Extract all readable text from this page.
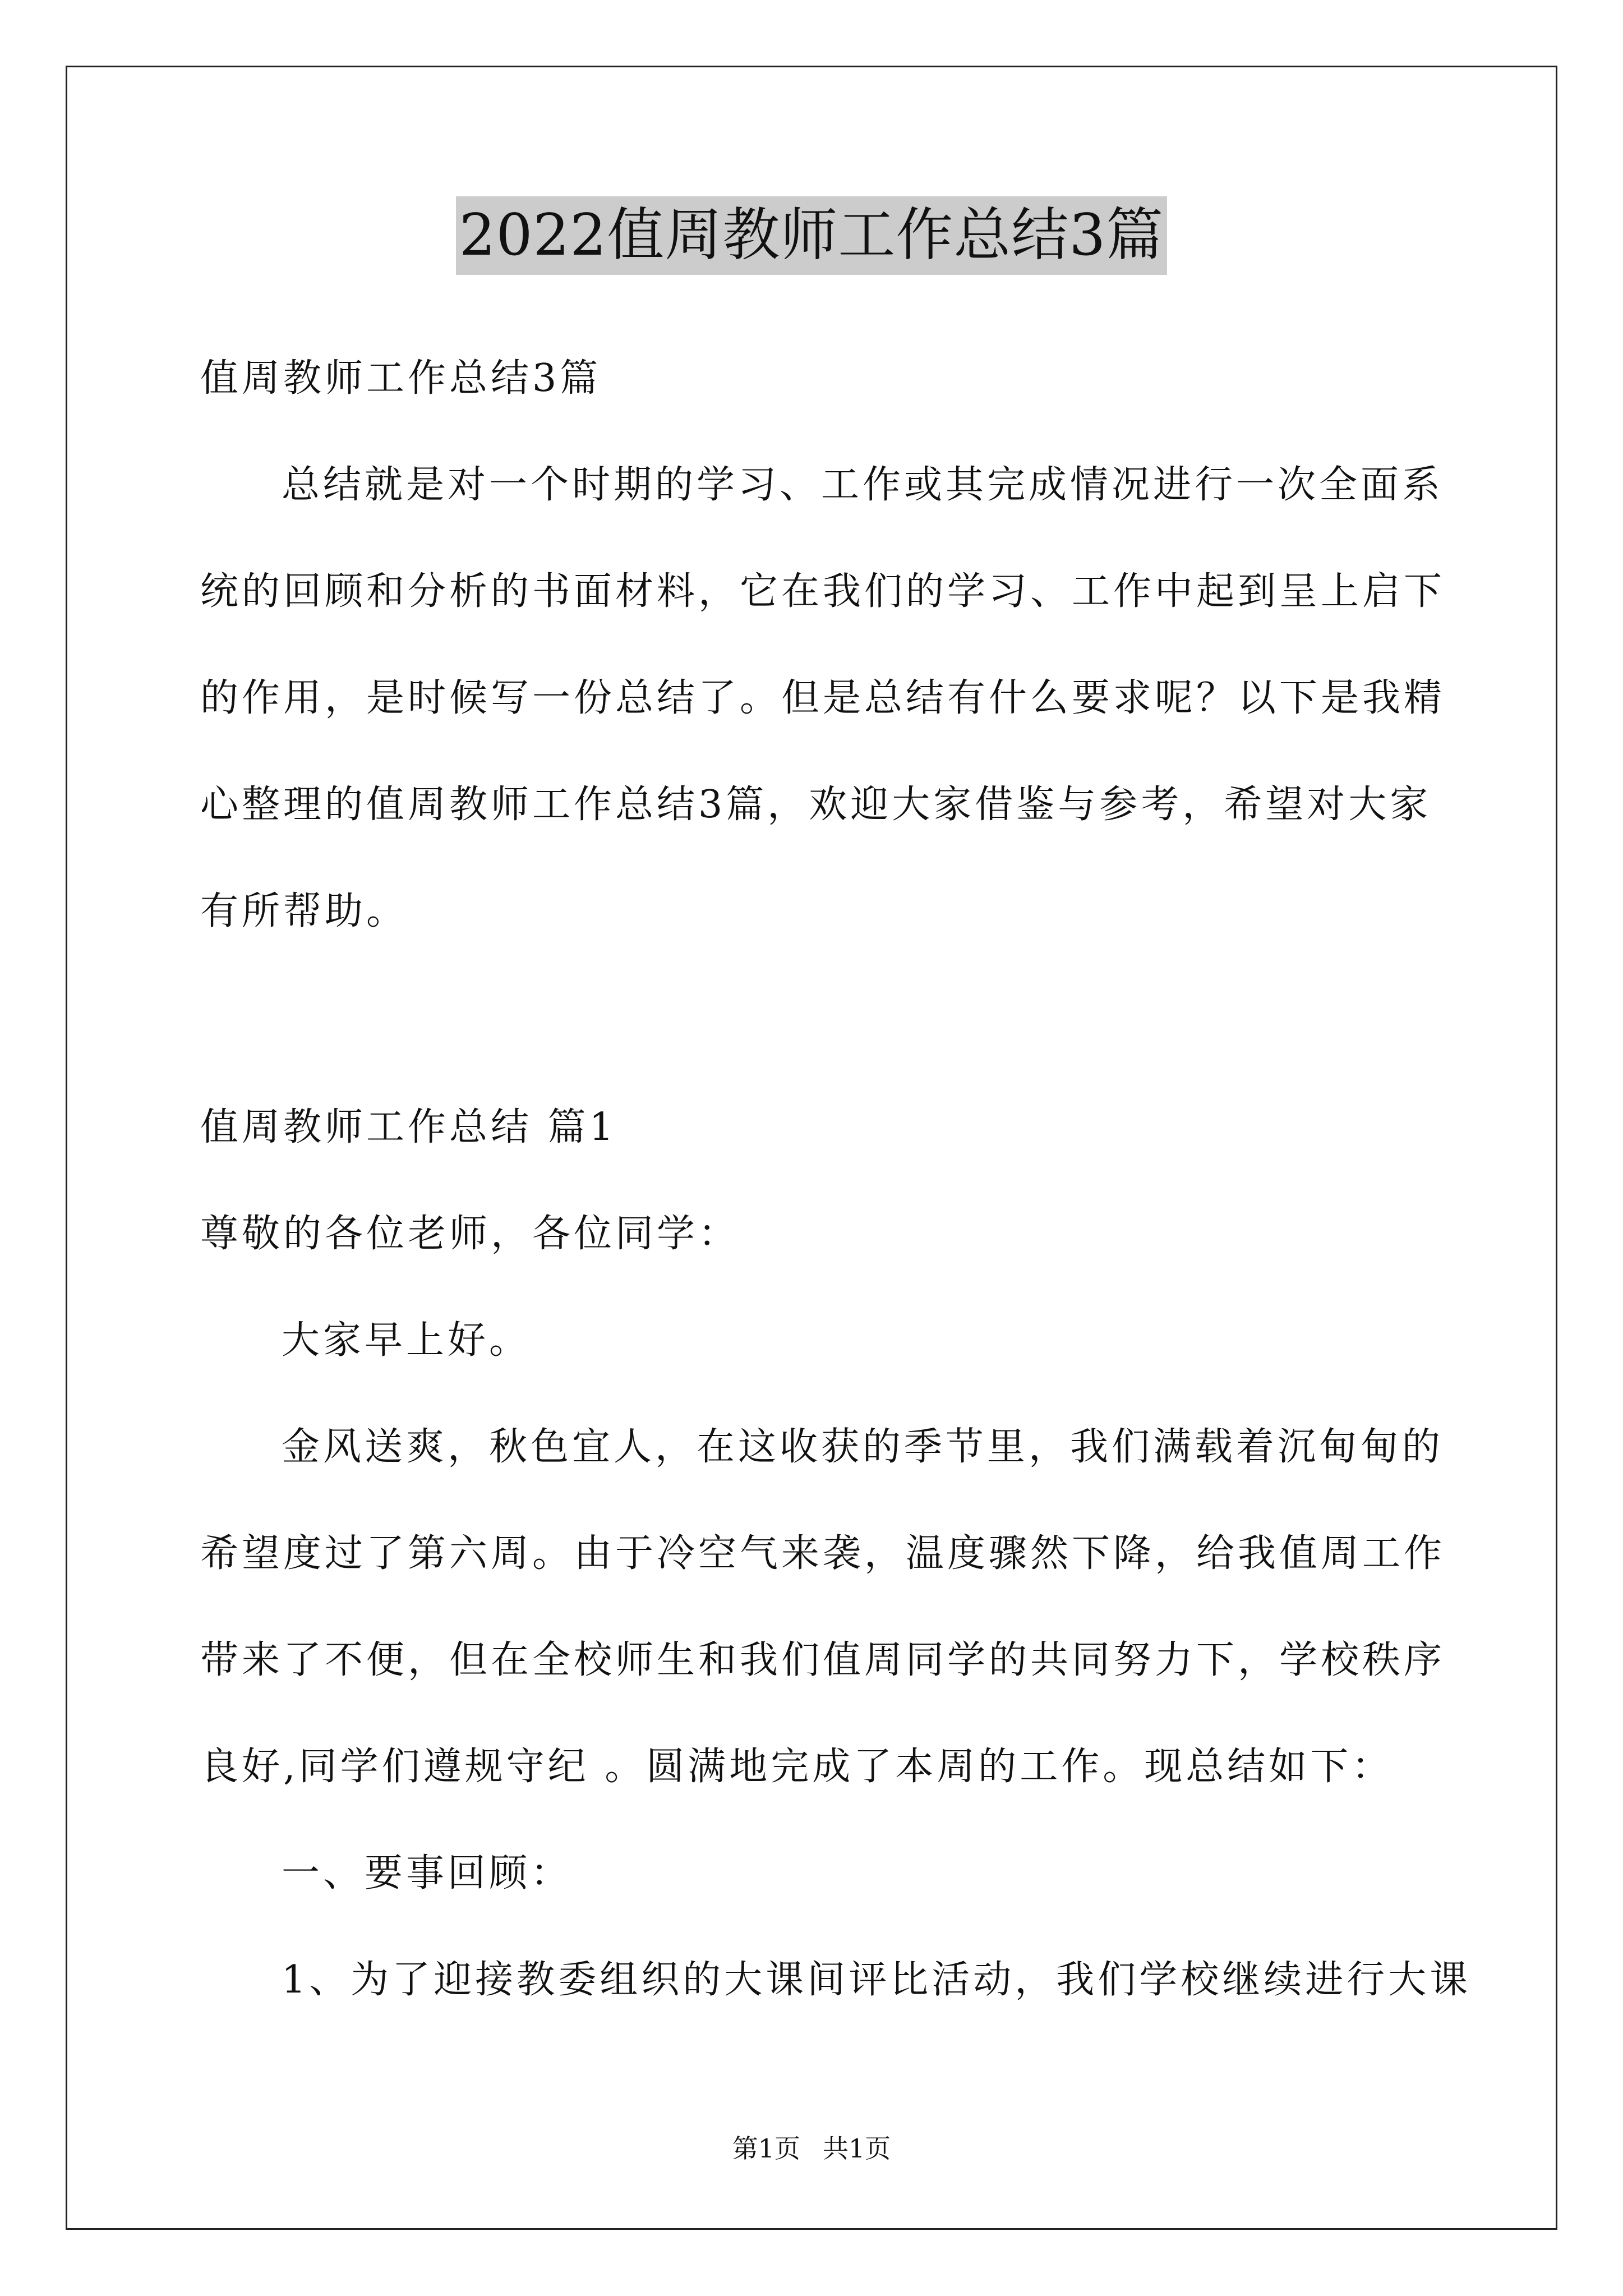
2022值周教师工作总结3篇
值周教师工作总结3篇
总结就是对一个时期的学习、工作或其完成情况进行一次全面系
统的回顾和分析的书面材料，它在我们的学习、工作中起到呈上启下
的作用，是时候写一份总结了。但是总结有什么要求呢？以下是我精
心整理的值周教师工作总结3篇，欢迎大家借鉴与参考，希望对大家
有所帮助。
值周教师工作总结 篇1
尊敬的各位老师，各位同学：
大家早上好。
金风送爽，秋色宜人，在这收获的季节里，我们满载着沉甸甸的
希望度过了第六周。由于冷空气来袭，温度骤然下降，给我值周工作
带来了不便，但在全校师生和我们值周同学的共同努力下，学校秩序
良好,同学们遵规守纪 。圆满地完成了本周的工作。现总结如下：
一、要事回顾：
1、为了迎接教委组织的大课间评比活动，我们学校继续进行大课
第1页 共1页
